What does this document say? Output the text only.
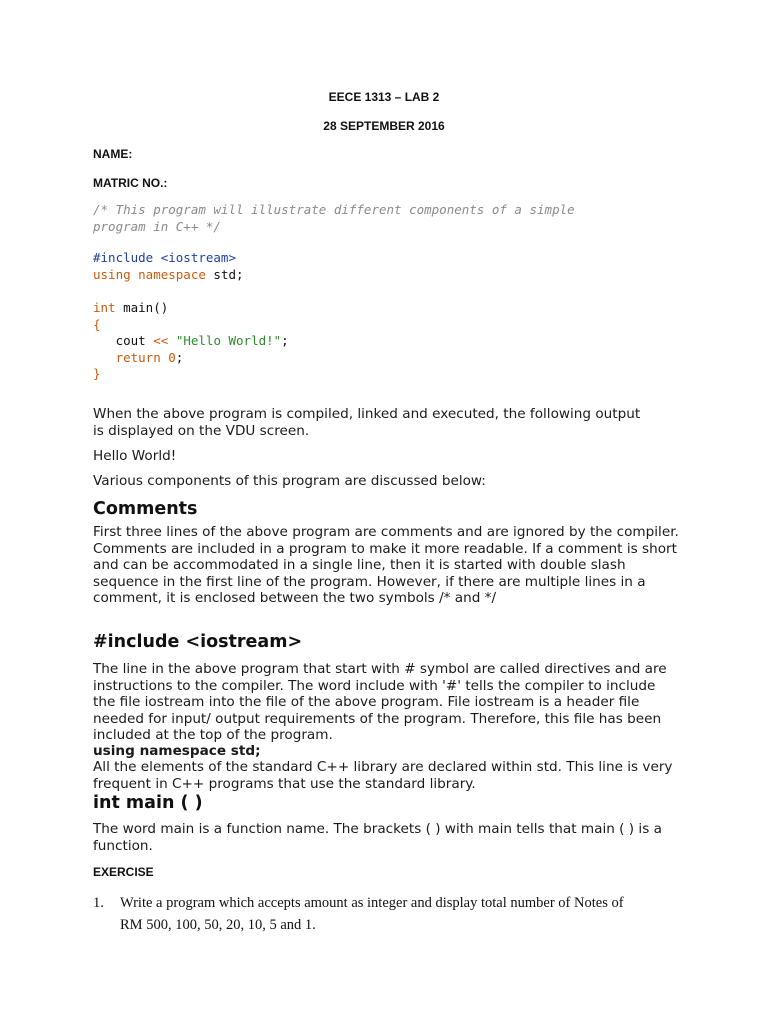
EECE 1313 – LAB 2
28 SEPTEMBER 2016
NAME:
MATRIC NO.:
/* This program will illustrate different components of a simple
program in C++ */
#include <iostream>
using namespace std;
int main()
{
cout << "Hello World!";
return 0;
}

When the above program is compiled, linked and executed, the following output is displayed on the VDU screen.

Hello World!

Various components of this program are discussed below:

Comments

First three lines of the above program are comments and are ignored by the compiler. Comments are included in a program to make it more readable. If a comment is short and can be accommodated in a single line, then it is started with double slash sequence in the first line of the program. However, if there are multiple lines in a comment, it is enclosed between the two symbols /* and */

#include <iostream>

The line in the above program that start with # symbol are called directives and are instructions to the compiler. The word include with '#' tells the compiler to include the file iostream into the file of the above program. File iostream is a header file needed for input/ output requirements of the program. Therefore, this file has been included at the top of the program.

using namespace std;

All the elements of the standard C++ library are declared within std. This line is very frequent in C++ programs that use the standard library.

int main ( )

The word main is a function name. The brackets ( ) with main tells that main ( ) is a function.

EXERCISE
1. Write a program which accepts amount as integer and display total number of Notes of
RM 500, 100, 50, 20, 10, 5 and 1.
